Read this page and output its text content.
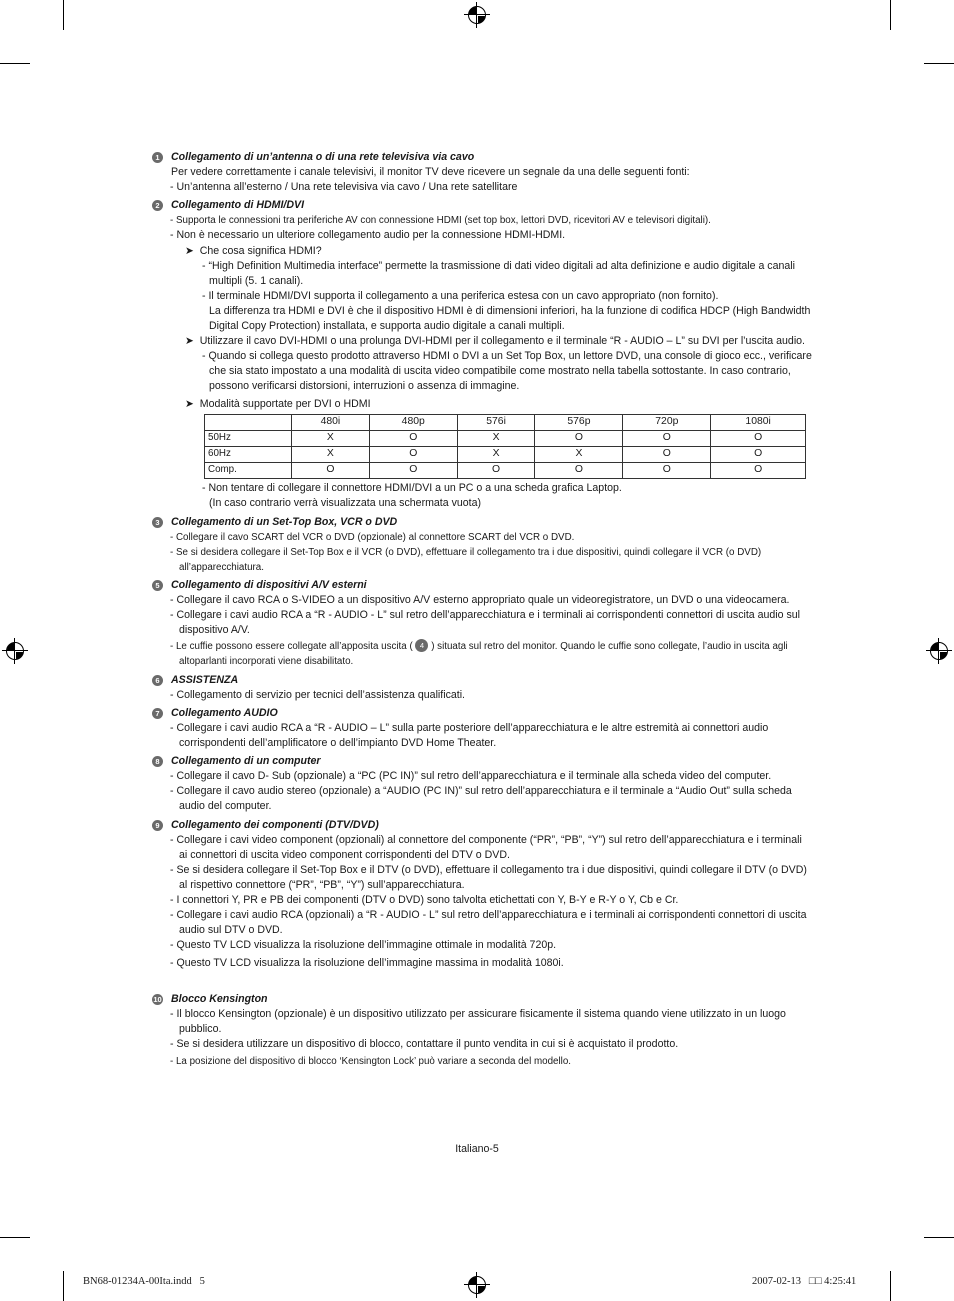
1	Collegamento di un’antenna o di una rete televisiva via cavo
Per vedere correttamente i canale televisivi, il monitor TV deve ricevere un segnale da una delle seguenti fonti:
- Un’antenna all’esterno / Una rete televisiva via cavo / Una rete satellitare
2	Collegamento di HDMI/DVI
- Supporta le connessioni tra periferiche AV con connessione HDMI (set top box, lettori DVD, ricevitori AV e televisori digitali).
- Non è necessario un ulteriore collegamento audio per la connessione HDMI-HDMI.
➤  Che cosa significa HDMI?
- “High Definition Multimedia interface” permette la trasmissione di dati video digitali ad alta definizione e audio digitale a canali multipli (5. 1 canali).
- Il terminale HDMI/DVI supporta il collegamento a una periferica estesa con un cavo appropriato (non fornito).
La differenza tra HDMI e DVI è che il dispositivo HDMI è di dimensioni inferiori, ha la funzione di codifica HDCP (High Bandwidth Digital Copy Protection) installata, e supporta audio digitale a canali multipli.
➤  Utilizzare il cavo DVI-HDMI o una prolunga DVI-HDMI per il collegamento e il terminale “R - AUDIO – L” su DVI per l’uscita audio.
- Quando si collega questo prodotto attraverso HDMI o DVI a un Set Top Box, un lettore DVD, una console di gioco ecc., verificare che sia stato impostato a una modalità di uscita video compatibile come mostrato nella tabella sottostante. In caso contrario, possono verificarsi distorsioni, interruzioni o assenza di immagine.
➤  Modalità supportate per DVI o HDMI
	480i	480p	576i	576p	720p	1080i
50Hz	X	O	X	O	O	O
60Hz	X	O	X	X	O	O
Comp.	O	O	O	O	O	O
- Non tentare di collegare il connettore HDMI/DVI a un PC o a una scheda grafica Laptop.
(In caso contrario verrà visualizzata una schermata vuota)
3	Collegamento di un Set-Top Box, VCR o DVD
- Collegare il cavo SCART del VCR o DVD (opzionale) al connettore SCART del VCR o DVD.
- Se si desidera collegare il Set-Top Box e il VCR (o DVD), effettuare il collegamento tra i due dispositivi, quindi collegare il VCR (o DVD) all’apparecchiatura.
5	Collegamento di dispositivi A/V esterni
- Collegare il cavo RCA o S-VIDEO a un dispositivo A/V esterno appropriato quale un videoregistratore, un DVD o una videocamera.
- Collegare i cavi audio RCA a “R - AUDIO - L” sul retro dell’apparecchiatura e i terminali ai corrispondenti connettori di uscita audio sul dispositivo A/V.
- Le cuffie possono essere collegate all’apposita uscita ( 4 ) situata sul retro del monitor. Quando le cuffie sono collegate, l’audio in uscita agli altoparlanti incorporati viene disabilitato.
6	ASSISTENZA
- Collegamento di servizio per tecnici dell’assistenza qualificati.
7	Collegamento AUDIO
- Collegare i cavi audio RCA a “R - AUDIO – L” sulla parte posteriore dell’apparecchiatura e le altre estremità ai connettori audio corrispondenti dell’amplificatore o dell’impianto DVD Home Theater.
8	Collegamento di un computer
- Collegare il cavo D- Sub (opzionale) a “PC (PC IN)” sul retro dell’apparecchiatura e il terminale alla scheda video del computer.
- Collegare il cavo audio stereo (opzionale) a “AUDIO (PC IN)” sul retro dell’apparecchiatura e il terminale a “Audio Out” sulla scheda audio del computer.
9	Collegamento dei componenti (DTV/DVD)
- Collegare i cavi video component (opzionali) al connettore del componente (“PR”, “PB”, “Y”) sul retro dell’apparecchiatura e i terminali ai connettori di uscita video component corrispondenti del DTV o DVD.
- Se si desidera collegare il Set-Top Box e il DTV (o DVD), effettuare il collegamento tra i due dispositivi, quindi collegare il DTV (o DVD) al rispettivo connettore (“PR”, “PB”, “Y”) sull’apparecchiatura.
- I connettori Y, PR e PB dei componenti (DTV o DVD) sono talvolta etichettati con Y, B-Y e R-Y o Y, Cb e Cr.
- Collegare i cavi audio RCA (opzionali) a “R - AUDIO - L” sul retro dell’apparecchiatura e i terminali ai corrispondenti connettori di uscita audio sul DTV o DVD.
- Questo TV LCD visualizza la risoluzione dell’immagine ottimale in modalità 720p.
- Questo TV LCD visualizza la risoluzione dell’immagine massima in modalità 1080i.
10 Blocco Kensington
- Il blocco Kensington (opzionale) è un dispositivo utilizzato per assicurare fisicamente il sistema quando viene utilizzato in un luogo pubblico.
- Se si desidera utilizzare un dispositivo di blocco, contattare il punto vendita in cui si è acquistato il prodotto.
- La posizione del dispositivo di blocco ‘Kensington Lock’ può variare a seconda del modello.
Italiano-5
BN68-01234A-00Ita.indd   5	2007-02-13   □□ 4:25:41
